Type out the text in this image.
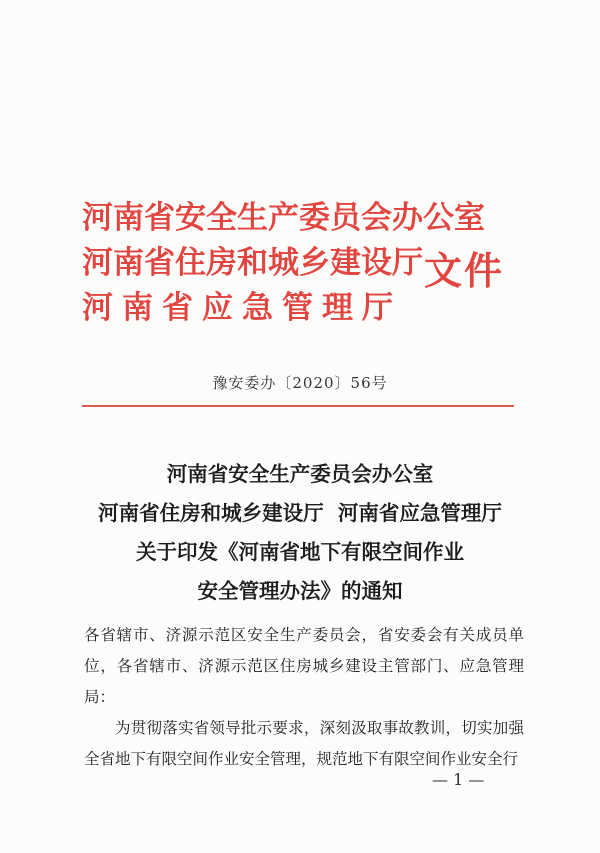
河南省安全生产委员会办公室
河南省住房和城乡建设厅
河南省应急管理厅
文件
豫安委办〔2020〕56号
河南省安全生产委员会办公室
河南省住房和城乡建设厅  河南省应急管理厅
关于印发《河南省地下有限空间作业
安全管理办法》的通知
各省辖市、济源示范区安全生产委员会，省安委会有关成员单位，各省辖市、济源示范区住房城乡建设主管部门、应急管理局：
为贯彻落实省领导批示要求，深刻汲取事故教训，切实加强全省地下有限空间作业安全管理，规范地下有限空间作业安全行
— 1 —
